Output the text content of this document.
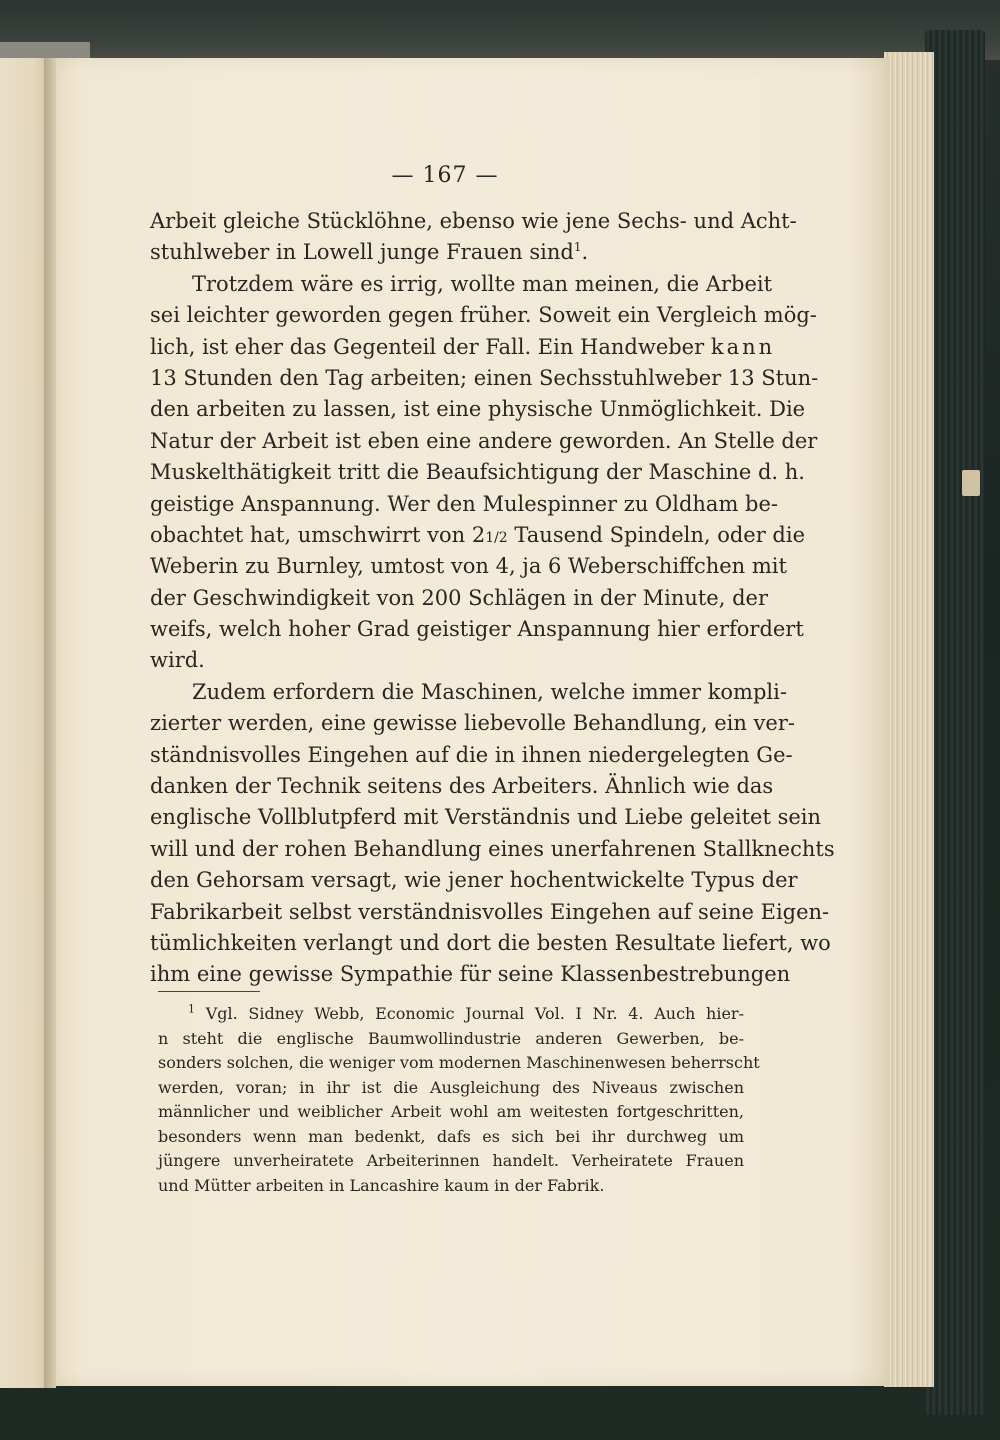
— 167 —
Arbeit gleiche Stücklöhne, ebenso wie jene Sechs- und Acht-
stuhlweber in Lowell junge Frauen sind$^1$.
Trotzdem wäre es irrig, wollte man meinen, die Arbeit
sei leichter geworden gegen früher. Soweit ein Vergleich mög-
lich, ist eher das Gegenteil der Fall. Ein Handweber kann
13 Stunden den Tag arbeiten; einen Sechsstuhlweber 13 Stun-
den arbeiten zu lassen, ist eine physische Unmöglichkeit. Die
Natur der Arbeit ist eben eine andere geworden. An Stelle der
Muskelthätigkeit tritt die Beaufsichtigung der Maschine d. h.
geistige Anspannung. Wer den Mulespinner zu Oldham be-
obachtet hat, umschwirrt von 21/2 Tausend Spindeln, oder die
Weberin zu Burnley, umtost von 4, ja 6 Weberschiffchen mit
der Geschwindigkeit von 200 Schlägen in der Minute, der
weifs, welch hoher Grad geistiger Anspannung hier erfordert
wird.
Zudem erfordern die Maschinen, welche immer kompli-
zierter werden, eine gewisse liebevolle Behandlung, ein ver-
ständnisvolles Eingehen auf die in ihnen niedergelegten Ge-
danken der Technik seitens des Arbeiters. Ähnlich wie das
englische Vollblutpferd mit Verständnis und Liebe geleitet sein
will und der rohen Behandlung eines unerfahrenen Stallknechts
den Gehorsam versagt, wie jener hochentwickelte Typus der
Fabrikarbeit selbst verständnisvolles Eingehen auf seine Eigen-
tümlichkeiten verlangt und dort die besten Resultate liefert, wo
ihm eine gewisse Sympathie für seine Klassenbestrebungen
$^1$ Vgl. Sidney Webb, Economic Journal Vol. I Nr. 4. Auch hier-
n steht die englische Baumwollindustrie anderen Gewerben, be-
sonders solchen, die weniger vom modernen Maschinenwesen beherrscht
werden, voran; in ihr ist die Ausgleichung des Niveaus zwischen
männlicher und weiblicher Arbeit wohl am weitesten fortgeschritten,
besonders wenn man bedenkt, dafs es sich bei ihr durchweg um
jüngere unverheiratete Arbeiterinnen handelt. Verheiratete Frauen
und Mütter arbeiten in Lancashire kaum in der Fabrik.
